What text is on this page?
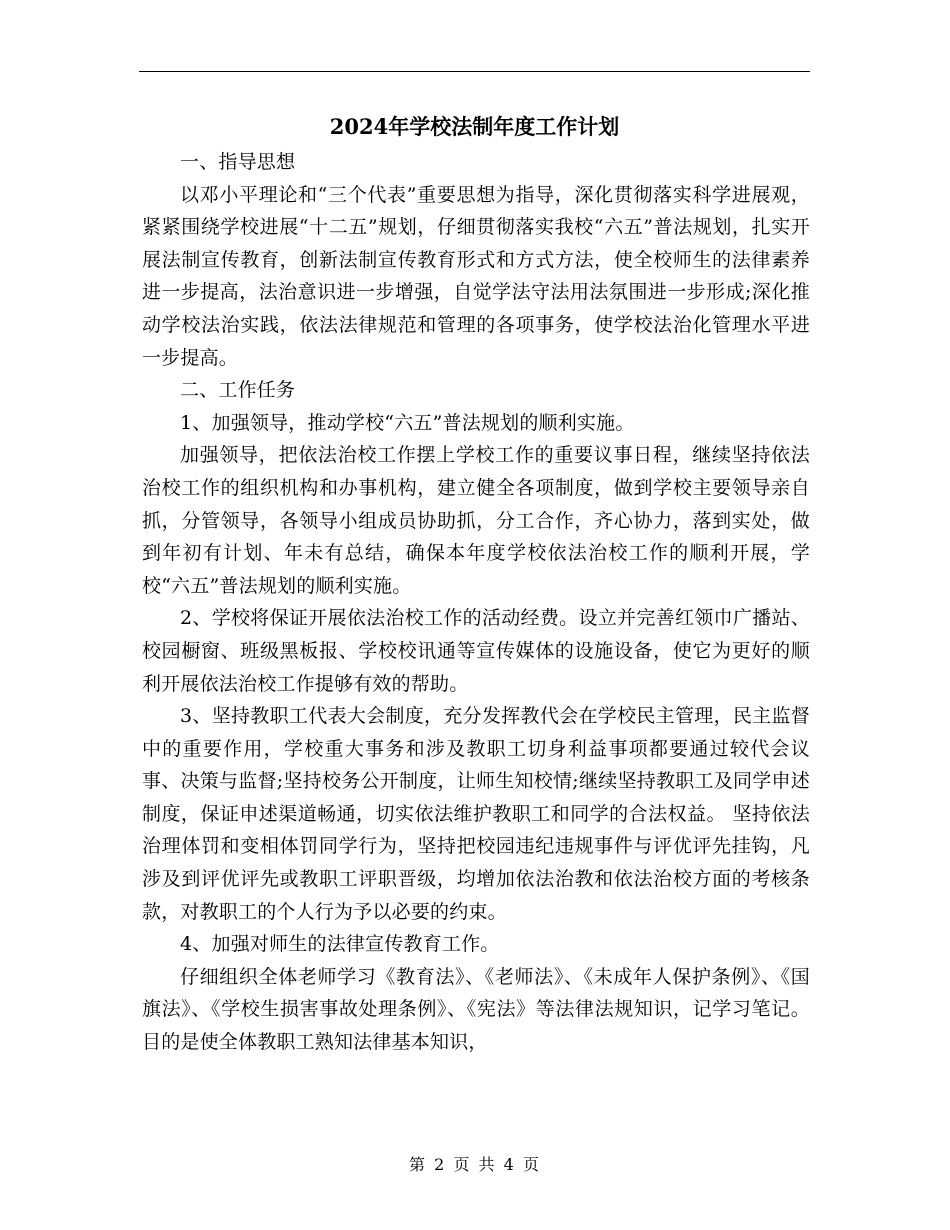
2024年学校法制年度工作计划

一、指导思想

以邓小平理论和“三个代表”重要思想为指导，深化贯彻落实科学进展观，紧紧围绕学校进展“十二五”规划，仔细贯彻落实我校“六五”普法规划，扎实开展法制宣传教育，创新法制宣传教育形式和方式方法，使全校师生的法律素养进一步提高，法治意识进一步增强，自觉学法守法用法氛围进一步形成;深化推动学校法治实践，依法法律规范和管理的各项事务，使学校法治化管理水平进一步提高。

二、工作任务

1、加强领导，推动学校“六五”普法规划的顺利实施。

加强领导，把依法治校工作摆上学校工作的重要议事日程，继续坚持依法治校工作的组织机构和办事机构，建立健全各项制度，做到学校主要领导亲自抓，分管领导，各领导小组成员协助抓，分工合作，齐心协力，落到实处，做到年初有计划、年未有总结，确保本年度学校依法治校工作的顺利开展，学校“六五”普法规划的顺利实施。

2、学校将保证开展依法治校工作的活动经费。设立并完善红领巾广播站、校园橱窗、班级黑板报、学校校讯通等宣传媒体的设施设备，使它为更好的顺利开展依法治校工作提够有效的帮助。

3、坚持教职工代表大会制度，充分发挥教代会在学校民主管理，民主监督中的重要作用，学校重大事务和涉及教职工切身利益事项都要通过较代会议事、决策与监督;坚持校务公开制度，让师生知校情;继续坚持教职工及同学申述制度，保证申述渠道畅通，切实依法维护教职工和同学的合法权益。 坚持依法治理体罚和变相体罚同学行为，坚持把校园违纪违规事件与评优评先挂钩，凡涉及到评优评先或教职工评职晋级，均增加依法治教和依法治校方面的考核条款，对教职工的个人行为予以必要的约束。

4、加强对师生的法律宣传教育工作。

仔细组织全体老师学习《教育法》、《老师法》、《未成年人保护条例》、《国旗法》、《学校生损害事故处理条例》、《宪法》等法律法规知识，记学习笔记。目的是使全体教职工熟知法律基本知识，

第 2 页 共 4 页
